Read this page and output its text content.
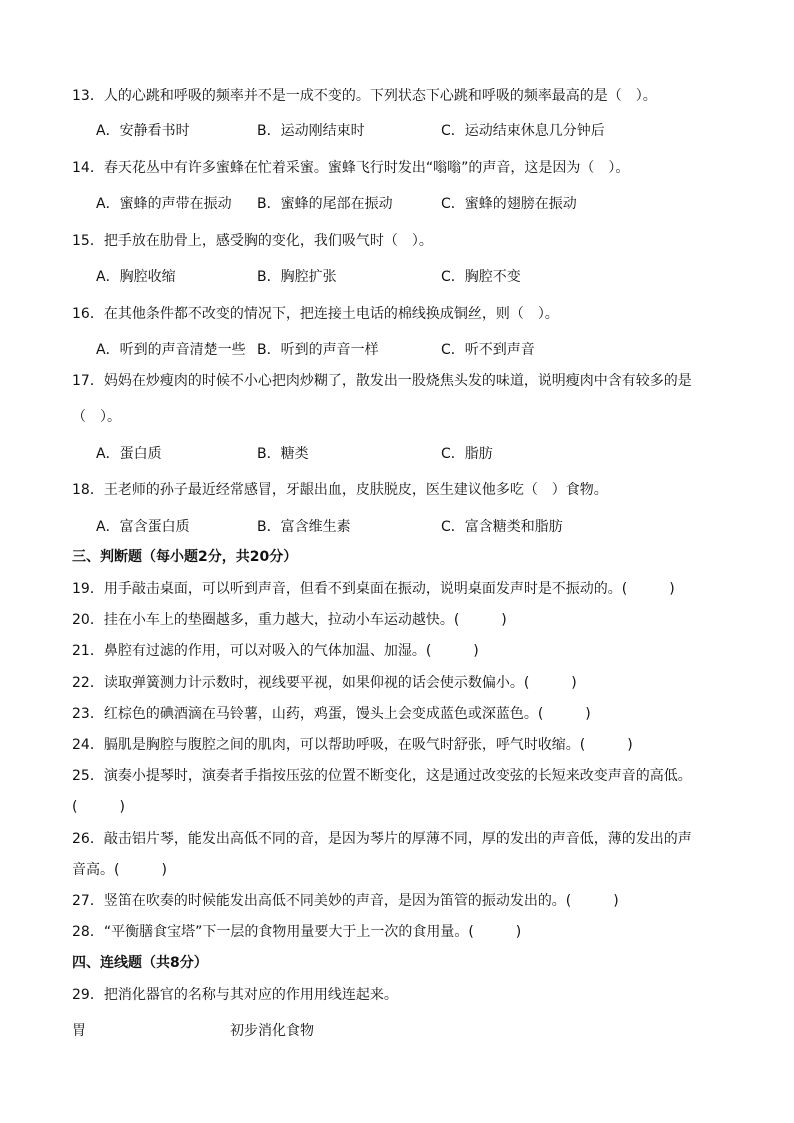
13．人的心跳和呼吸的频率并不是一成不变的。下列状态下心跳和呼吸的频率最高的是（　）。
A．安静看书时	B．运动刚结束时	C．运动结束休息几分钟后
14．春天花丛中有许多蜜蜂在忙着采蜜。蜜蜂飞行时发出“嗡嗡”的声音，这是因为（　）。
A．蜜蜂的声带在振动 B．蜜蜂的尾部在振动	C．蜜蜂的翅膀在振动
15．把手放在肋骨上，感受胸的变化，我们吸气时（　）。
A．胸腔收缩	B．胸腔扩张	C．胸腔不变
16．在其他条件都不改变的情况下，把连接土电话的棉线换成铜丝，则（　）。
A．听到的声音清楚一些 B．听到的声音一样	C．听不到声音
17．妈妈在炒瘦肉的时候不小心把肉炒糊了，散发出一股烧焦头发的味道，说明瘦肉中含有较多的是
（　）。
A．蛋白质	B．糖类	C．脂肪
18．王老师的孙子最近经常感冒，牙龈出血，皮肤脱皮，医生建议他多吃（　）食物。
A．富含蛋白质	B．富含维生素	C．富含糖类和脂肪
三、判断题（每小题2分，共20分）
19．用手敲击桌面，可以听到声音，但看不到桌面在振动，说明桌面发声时是不振动的。(　　　)
20．挂在小车上的垫圈越多，重力越大，拉动小车运动越快。(　　　)
21．鼻腔有过滤的作用，可以对吸入的气体加温、加湿。(　　　)
22．读取弹簧测力计示数时，视线要平视，如果仰视的话会使示数偏小。(　　　)
23．红棕色的碘酒滴在马铃薯，山药，鸡蛋，馒头上会变成蓝色或深蓝色。(　　　)
24．膈肌是胸腔与腹腔之间的肌肉，可以帮助呼吸，在吸气时舒张，呼气时收缩。(　　　)
25．演奏小提琴时，演奏者手指按压弦的位置不断变化，这是通过改变弦的长短来改变声音的高低。
(　　　)
26．敲击铝片琴，能发出高低不同的音，是因为琴片的厚薄不同，厚的发出的声音低，薄的发出的声
音高。(　　　)
27．竖笛在吹奏的时候能发出高低不同美妙的声音，是因为笛管的振动发出的。(　　　)
28．“平衡膳食宝塔”下一层的食物用量要大于上一次的食用量。(　　　)
四、连线题（共8分）
29．把消化器官的名称与其对应的作用用线连起来。
胃	初步消化食物
